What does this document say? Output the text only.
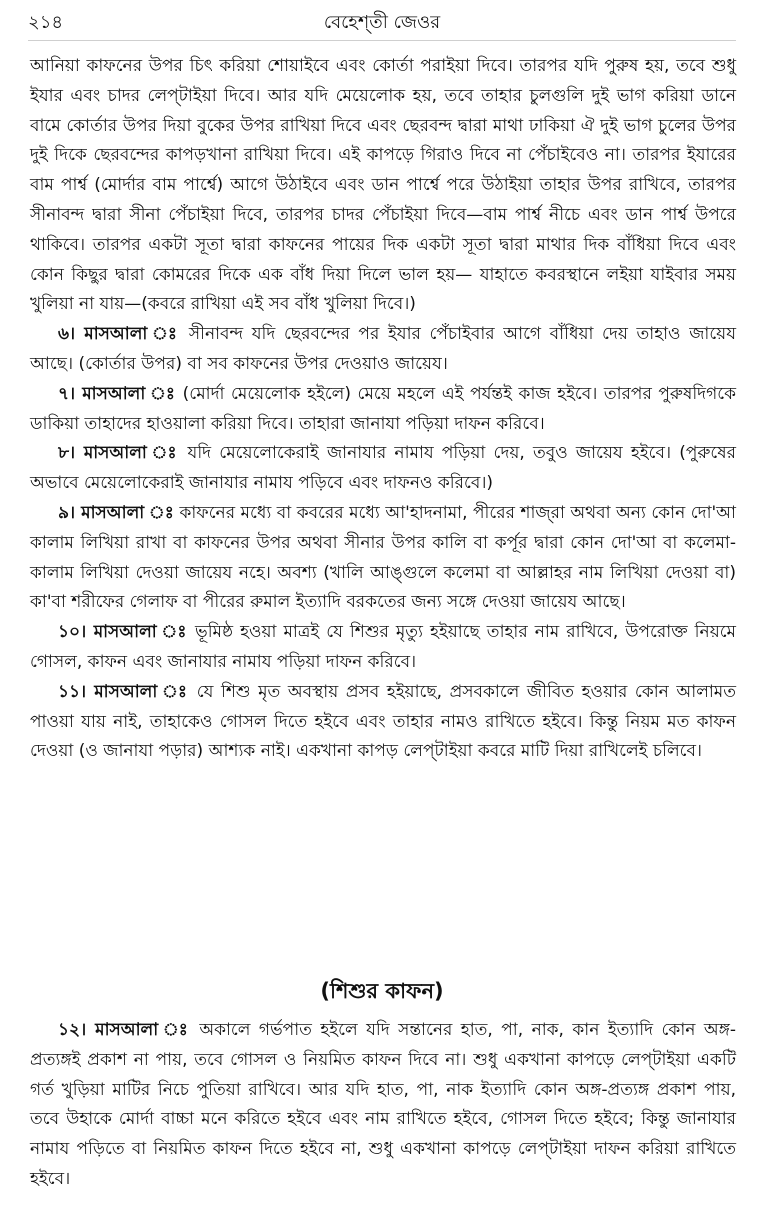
২১৪	বেহেশ্‌তী জেওর

আনিয়া কাফনের উপর চিৎ করিয়া শোয়াইবে এবং কোর্তা পরাইয়া দিবে। তারপর যদি পুরুষ হয়, তবে শুধু ইযার এবং চাদর লেপ্‌টাইয়া দিবে। আর যদি মেয়েলোক হয়, তবে তাহার চুলগুলি দুই ভাগ করিয়া ডানে বামে কোর্তার উপর দিয়া বুকের উপর রাখিয়া দিবে এবং ছেরবন্দ দ্বারা মাথা ঢাকিয়া ঐ দুই ভাগ চুলের উপর দুই দিকে ছেরবন্দের কাপড়খানা রাখিয়া দিবে। এই কাপড়ে গিরাও দিবে না পেঁচাইবেও না। তারপর ইযারের বাম পার্শ্ব (মোর্দার বাম পার্শ্বে) আগে উঠাইবে এবং ডান পার্শ্বে পরে উঠাইয়া তাহার উপর রাখিবে, তারপর সীনাবন্দ দ্বারা সীনা পেঁচাইয়া দিবে, তারপর চাদর পেঁচাইয়া দিবে—বাম পার্শ্ব নীচে এবং ডান পার্শ্ব উপরে থাকিবে। তারপর একটা সূতা দ্বারা কাফনের পায়ের দিক একটা সূতা দ্বারা মাথার দিক বাঁধিয়া দিবে এবং কোন কিছুর দ্বারা কোমরের দিকে এক বাঁধ দিয়া দিলে ভাল হয়— যাহাতে কবরস্থানে লইয়া যাইবার সময় খুলিয়া না যায়—(কবরে রাখিয়া এই সব বাঁধ খুলিয়া দিবে।)

৬। মাসআলা ঃ সীনাবন্দ যদি ছেরবন্দের পর ইযার পেঁচাইবার আগে বাঁধিয়া দেয় তাহাও জায়েয আছে। (কোর্তার উপর) বা সব কাফনের উপর দেওয়াও জায়েয।

৭। মাসআলা ঃ (মোর্দা মেয়েলোক হইলে) মেয়ে মহলে এই পর্যন্তই কাজ হইবে। তারপর পুরুষদিগকে ডাকিয়া তাহাদের হাওয়ালা করিয়া দিবে। তাহারা জানাযা পড়িয়া দাফন করিবে।

৮। মাসআলা ঃ যদি মেয়েলোকেরাই জানাযার নামায পড়িয়া দেয়, তবুও জায়েয হইবে। (পুরুষের অভাবে মেয়েলোকেরাই জানাযার নামায পড়িবে এবং দাফনও করিবে।)

৯। মাসআলা ঃ কাফনের মধ্যে বা কবরের মধ্যে আ'হাদনামা, পীরের শাজ্‌রা অথবা অন্য কোন দো'আ কালাম লিখিয়া রাখা বা কাফনের উপর অথবা সীনার উপর কালি বা কর্পূর দ্বারা কোন দো'আ বা কলেমা-কালাম লিখিয়া দেওয়া জায়েয নহে। অবশ্য (খালি আঙ্গুলে কলেমা বা আল্লাহর নাম লিখিয়া দেওয়া বা) কা'বা শরীফের গেলাফ বা পীরের রুমাল ইত্যাদি বরকতের জন্য সঙ্গে দেওয়া জায়েয আছে।

১০। মাসআলা ঃ ভূমিষ্ঠ হওয়া মাত্রই যে শিশুর মৃত্যু হইয়াছে তাহার নাম রাখিবে, উপরোক্ত নিয়মে গোসল, কাফন এবং জানাযার নামায পড়িয়া দাফন করিবে।

১১। মাসআলা ঃ যে শিশু মৃত অবস্থায় প্রসব হইয়াছে, প্রসবকালে জীবিত হওয়ার কোন আলামত পাওয়া যায় নাই, তাহাকেও গোসল দিতে হইবে এবং তাহার নামও রাখিতে হইবে। কিন্তু নিয়ম মত কাফন দেওয়া (ও জানাযা পড়ার) আশ্যক নাই। একখানা কাপড় লেপ্‌টাইয়া কবরে মাটি দিয়া রাখিলেই চলিবে।

(শিশুর কাফন)

১২। মাসআলা ঃ অকালে গর্ভপাত হইলে যদি সন্তানের হাত, পা, নাক, কান ইত্যাদি কোন অঙ্গ-প্রত্যঙ্গই প্রকাশ না পায়, তবে গোসল ও নিয়মিত কাফন দিবে না। শুধু একখানা কাপড়ে লেপ্‌টাইয়া একটি গর্ত খুড়িয়া মাটির নিচে পুতিয়া রাখিবে। আর যদি হাত, পা, নাক ইত্যাদি কোন অঙ্গ-প্রত্যঙ্গ প্রকাশ পায়, তবে উহাকে মোর্দা বাচ্চা মনে করিতে হইবে এবং নাম রাখিতে হইবে, গোসল দিতে হইবে; কিন্তু জানাযার নামায পড়িতে বা নিয়মিত কাফন দিতে হইবে না, শুধু একখানা কাপড়ে লেপ্‌টাইয়া দাফন করিয়া রাখিতে হইবে।
